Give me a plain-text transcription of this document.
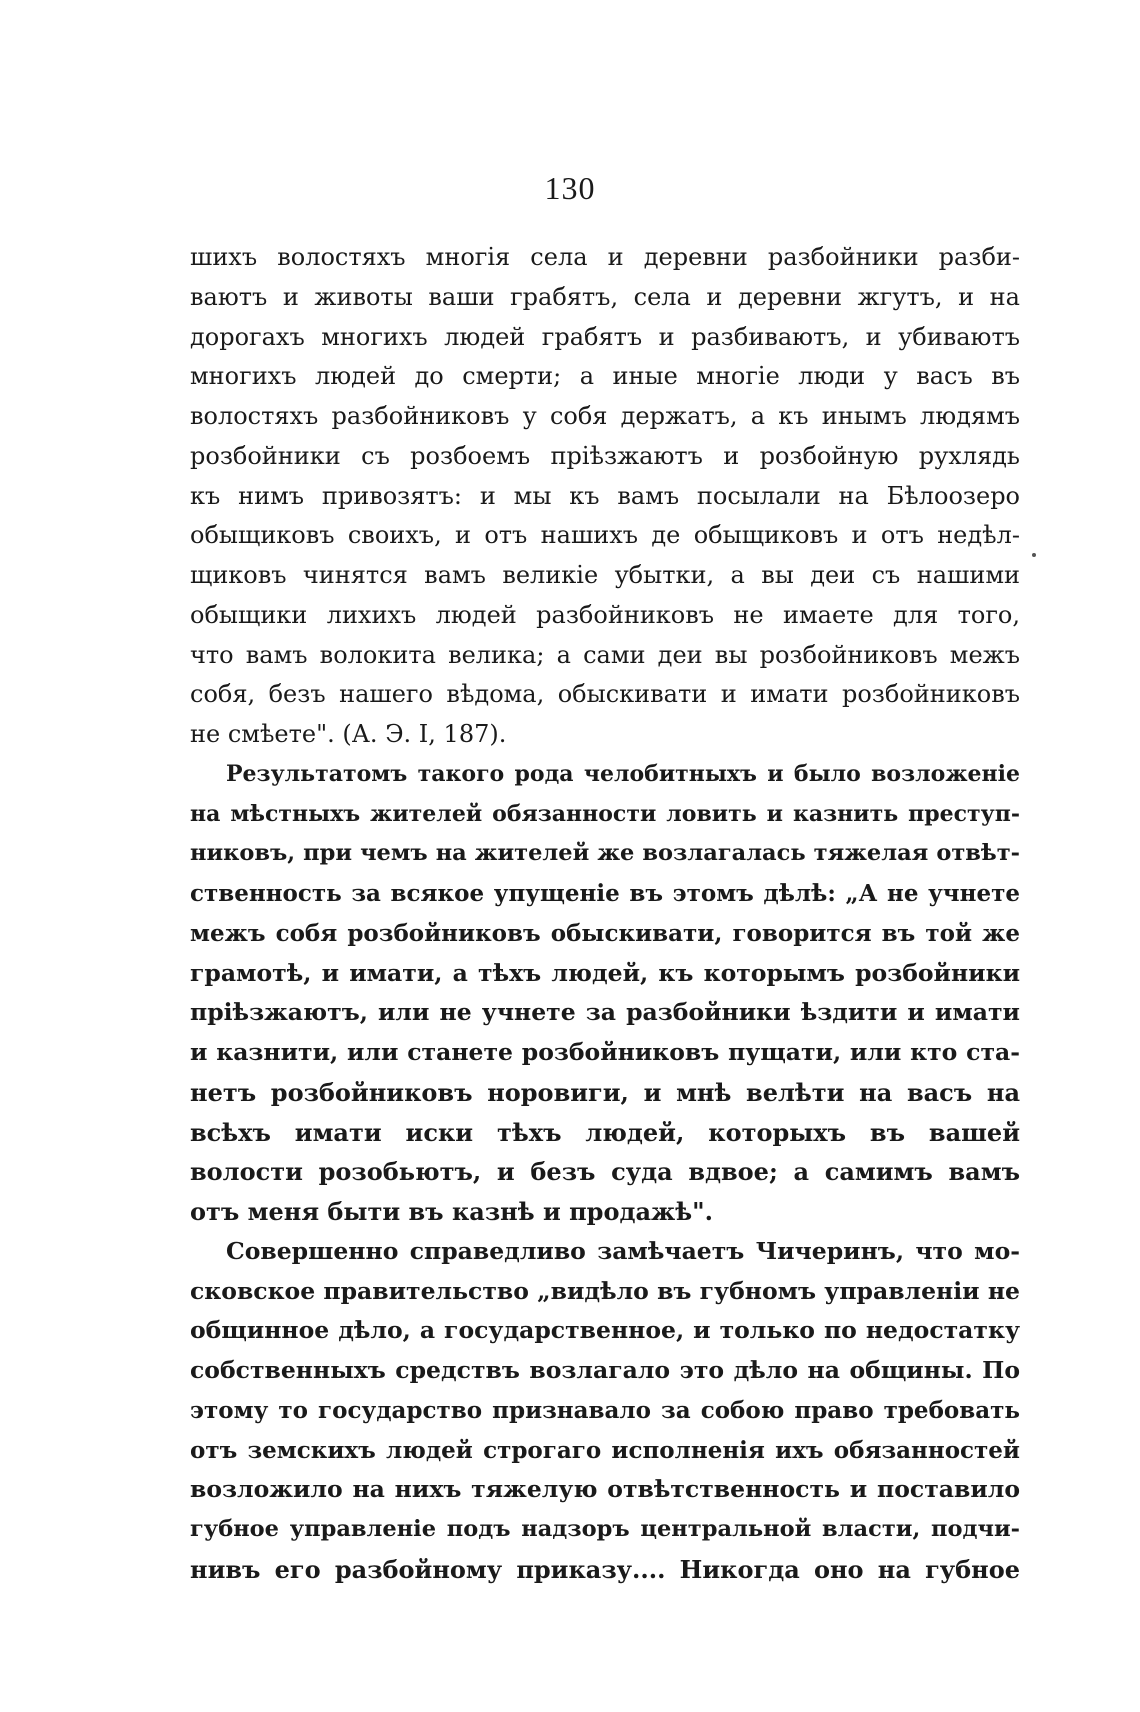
130
шихъ волостяхъ многія села и деревни разбойники разби-
ваютъ и животы ваши грабятъ, села и деревни жгутъ, и на
дорогахъ многихъ людей грабятъ и разбиваютъ, и убиваютъ
многихъ людей до смерти; а иные многіе люди у васъ въ
волостяхъ разбойниковъ у собя держатъ, а къ инымъ людямъ
розбойники съ розбоемъ пріѣзжаютъ и розбойную рухлядь
къ нимъ привозятъ: и мы къ вамъ посылали на Бѣлоозеро
обыщиковъ своихъ, и отъ нашихъ де обыщиковъ и отъ недѣл-
щиковъ чинятся вамъ великіе убытки, а вы деи съ нашими
обыщики лихихъ людей разбойниковъ не имаете для того,
что вамъ волокита велика; а сами деи вы розбойниковъ межъ
собя, безъ нашего вѣдома, обыскивати и имати розбойниковъ
не смѣете". (А. Э. I, 187).
Результатомъ такого рода челобитныхъ и было возложеніе
на мѣстныхъ жителей обязанности ловить и казнить преступ-
никовъ, при чемъ на жителей же возлагалась тяжелая отвѣт-
ственность за всякое упущеніе въ этомъ дѣлѣ: „А не учнете
межъ собя розбойниковъ обыскивати, говорится въ той же
грамотѣ, и имати, а тѣхъ людей, къ которымъ розбойники
пріѣзжаютъ, или не учнете за разбойники ѣздити и имати
и казнити, или станете розбойниковъ пущати, или кто ста-
нетъ розбойниковъ норовиги, и мнѣ велѣти на васъ на
всѣхъ имати иски тѣхъ людей, которыхъ въ вашей
волости розобьютъ, и безъ суда вдвое; а самимъ вамъ
отъ меня быти въ казнѣ и продажѣ".
Совершенно справедливо замѣчаетъ Чичеринъ, что мо-
сковское правительство „видѣло въ губномъ управленіи не
общинное дѣло, а государственное, и только по недостатку
собственныхъ средствъ возлагало это дѣло на общины. По
этому то государство признавало за собою право требовать
отъ земскихъ людей строгаго исполненія ихъ обязанностей
возложило на нихъ тяжелую отвѣтственность и поставило
губное управленіе подъ надзоръ центральной власти, подчи-
нивъ его разбойному приказу.... Никогда оно на губное
